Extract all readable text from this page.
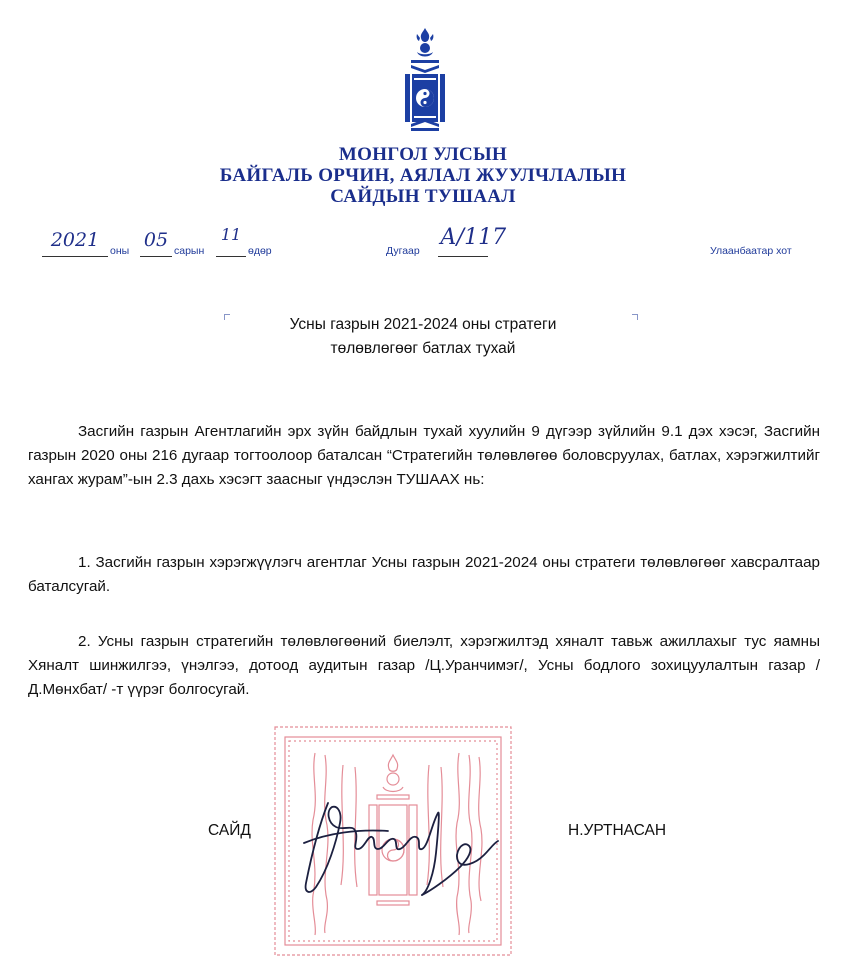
МОНГОЛ УЛСЫН
БАЙГАЛЬ ОРЧИН, АЯЛАЛ ЖУУЛЧЛАЛЫН
САЙДЫН ТУШААЛ
2021	оны 05 сарын
11
өдөр	Дугаар
А/117
Улаанбаатар хот
Усны газрын 2021-2024 оны стратеги
төлөвлөгөөг батлах тухай
Засгийн газрын Агентлагийн эрх зүйн байдлын тухай хуулийн 9 дүгээр зүйлийн 9.1 дэх хэсэг, Засгийн газрын 2020 оны 216 дугаар тогтоолоор баталсан “Стратегийн төлөвлөгөө боловсруулах, батлах, хэрэгжилтийг хангах журам”-ын 2.3 дахь хэсэгт заасныг үндэслэн ТУШААХ нь:
1. Засгийн газрын хэрэгжүүлэгч агентлаг Усны газрын 2021-2024 оны стратеги төлөвлөгөөг хавсралтаар баталсугай.
2. Усны газрын стратегийн төлөвлөгөөний биелэлт, хэрэгжилтэд хяналт тавьж ажиллахыг тус яамны Хяналт шинжилгээ, үнэлгээ, дотоод аудитын газар /Ц.Уранчимэг/, Усны бодлого зохицуулалтын газар /Д.Мөнхбат/ -т үүрэг болгосугай.
САЙД	Н.УРТНАСАН
